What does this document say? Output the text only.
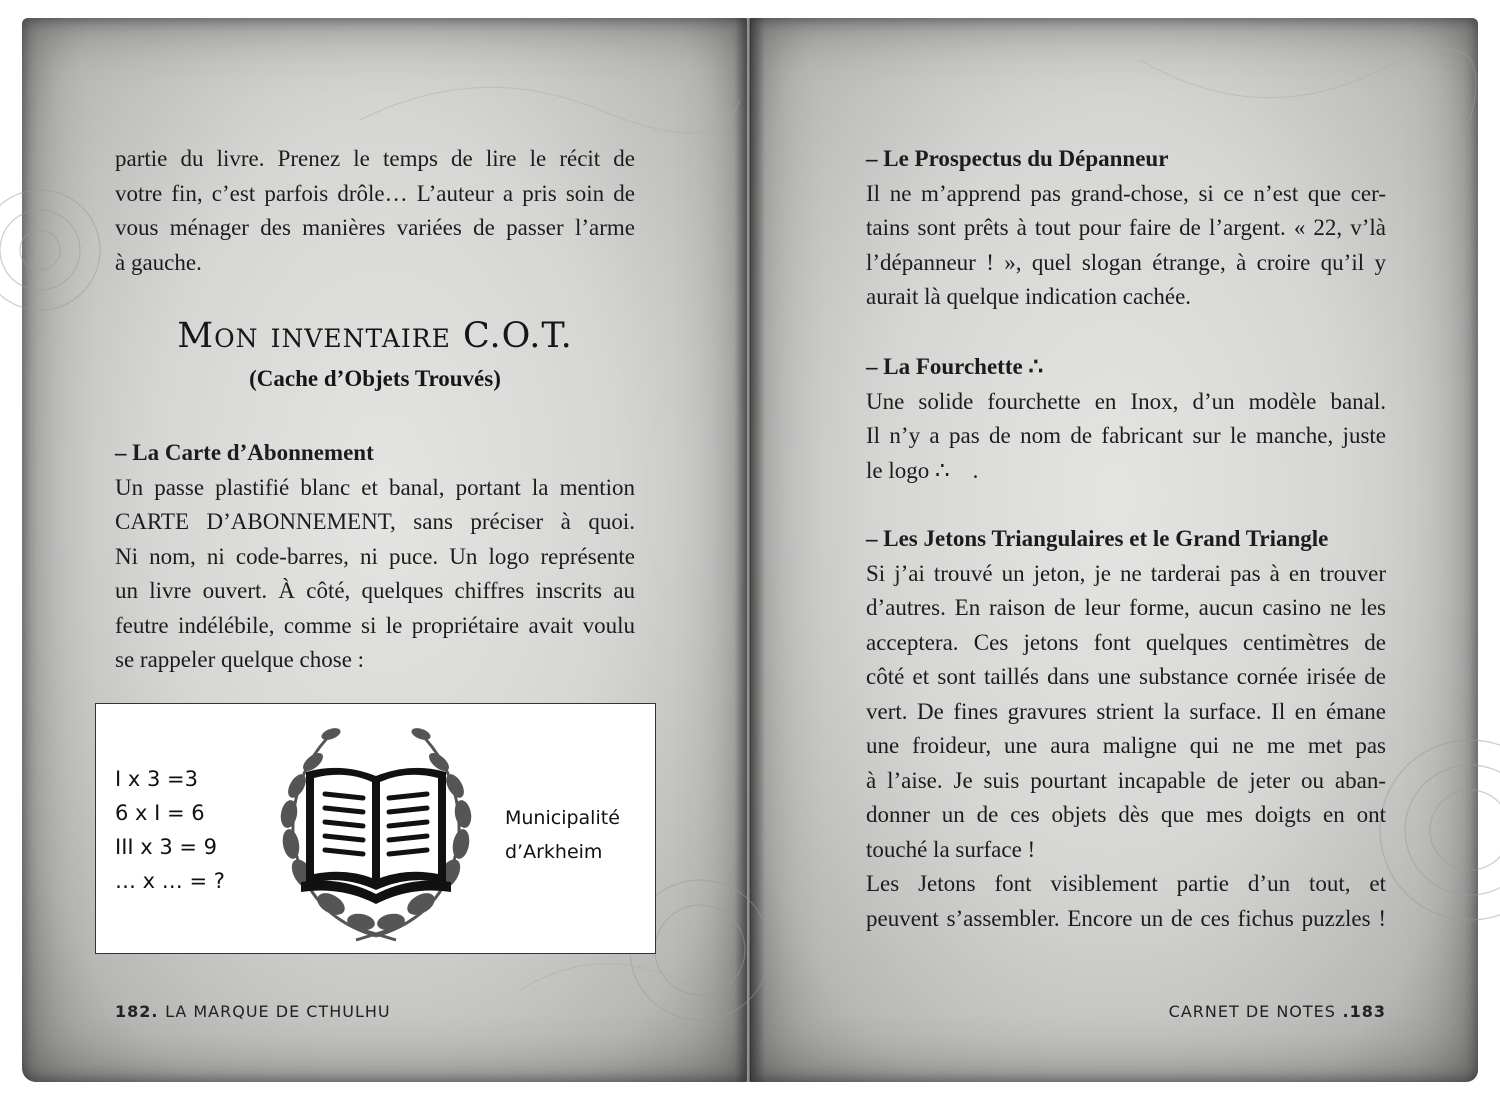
partie du livre. Prenez le temps de lire le récit de

votre fin, c’est parfois drôle… L’auteur a pris soin de

vous ménager des manières variées de passer l’arme

à gauche.

Mon inventaire C.O.T.
(Cache d’Objets Trouvés)

– La Carte d’Abonnement

Un passe plastifié blanc et banal, portant la mention

CARTE D’ABONNEMENT, sans préciser à quoi.

Ni nom, ni code-barres, ni puce. Un logo représente

un livre ouvert. À côté, quelques chiffres inscrits au

feutre indélébile, comme si le propriétaire avait voulu

se rappeler quelque chose :

I x 3 =3
6 x I = 6
III x 3 = 9
… x … = ?
Municipalité
d’Arkheim
182. LA MARQUE DE CTHULHU

– Le Prospectus du Dépanneur

Il ne m’apprend pas grand-chose, si ce n’est que cer-

tains sont prêts à tout pour faire de l’argent. « 22, v’là

l’dépanneur ! », quel slogan étrange, à croire qu’il y

aurait là quelque indication cachée.

– La Fourchette ∴

Une solide fourchette en Inox, d’un modèle banal.

Il n’y a pas de nom de fabricant sur le manche, juste

le logo ∴    .

– Les Jetons Triangulaires et le Grand Triangle

Si j’ai trouvé un jeton, je ne tarderai pas à en trouver

d’autres. En raison de leur forme, aucun casino ne les

acceptera. Ces jetons font quelques centimètres de

côté et sont taillés dans une substance cornée irisée de

vert. De fines gravures strient la surface. Il en émane

une froideur, une aura maligne qui ne me met pas

à l’aise. Je suis pourtant incapable de jeter ou aban-

donner un de ces objets dès que mes doigts en ont

touché la surface !

Les Jetons font visiblement partie d’un tout, et

peuvent s’assembler. Encore un de ces fichus puzzles !

CARNET DE NOTES .183
